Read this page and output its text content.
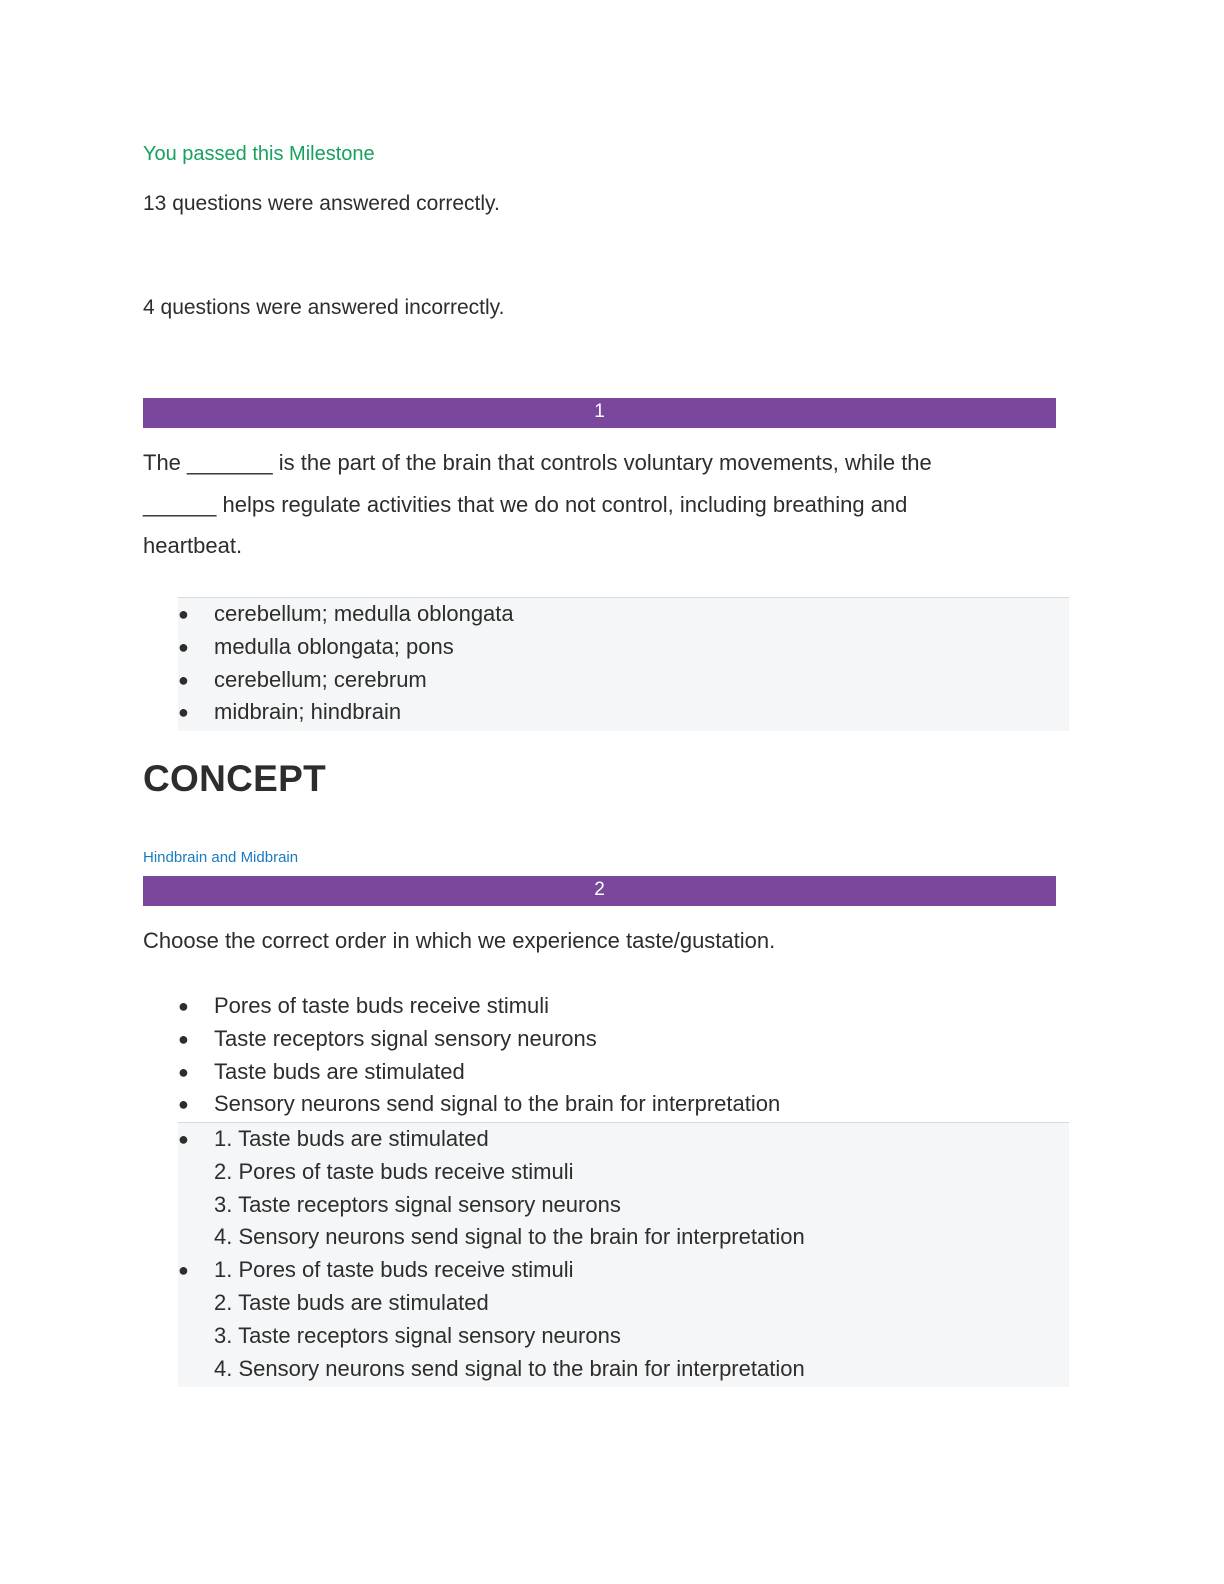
You passed this Milestone
13 questions were answered correctly.
4 questions were answered incorrectly.
1
The _______ is the part of the brain that controls voluntary movements, while the
______ helps regulate activities that we do not control, including breathing and
heartbeat.
●	cerebellum; medulla oblongata
●	medulla oblongata; pons
●	cerebellum; cerebrum
●	midbrain; hindbrain
CONCEPT
Hindbrain and Midbrain
2
Choose the correct order in which we experience taste/gustation.
●	Pores of taste buds receive stimuli
●	Taste receptors signal sensory neurons
●	Taste buds are stimulated
●	Sensory neurons send signal to the brain for interpretation
●	1. Taste buds are stimulated
2. Pores of taste buds receive stimuli
3. Taste receptors signal sensory neurons
4. Sensory neurons send signal to the brain for interpretation
●	1. Pores of taste buds receive stimuli
2. Taste buds are stimulated
3. Taste receptors signal sensory neurons
4. Sensory neurons send signal to the brain for interpretation
